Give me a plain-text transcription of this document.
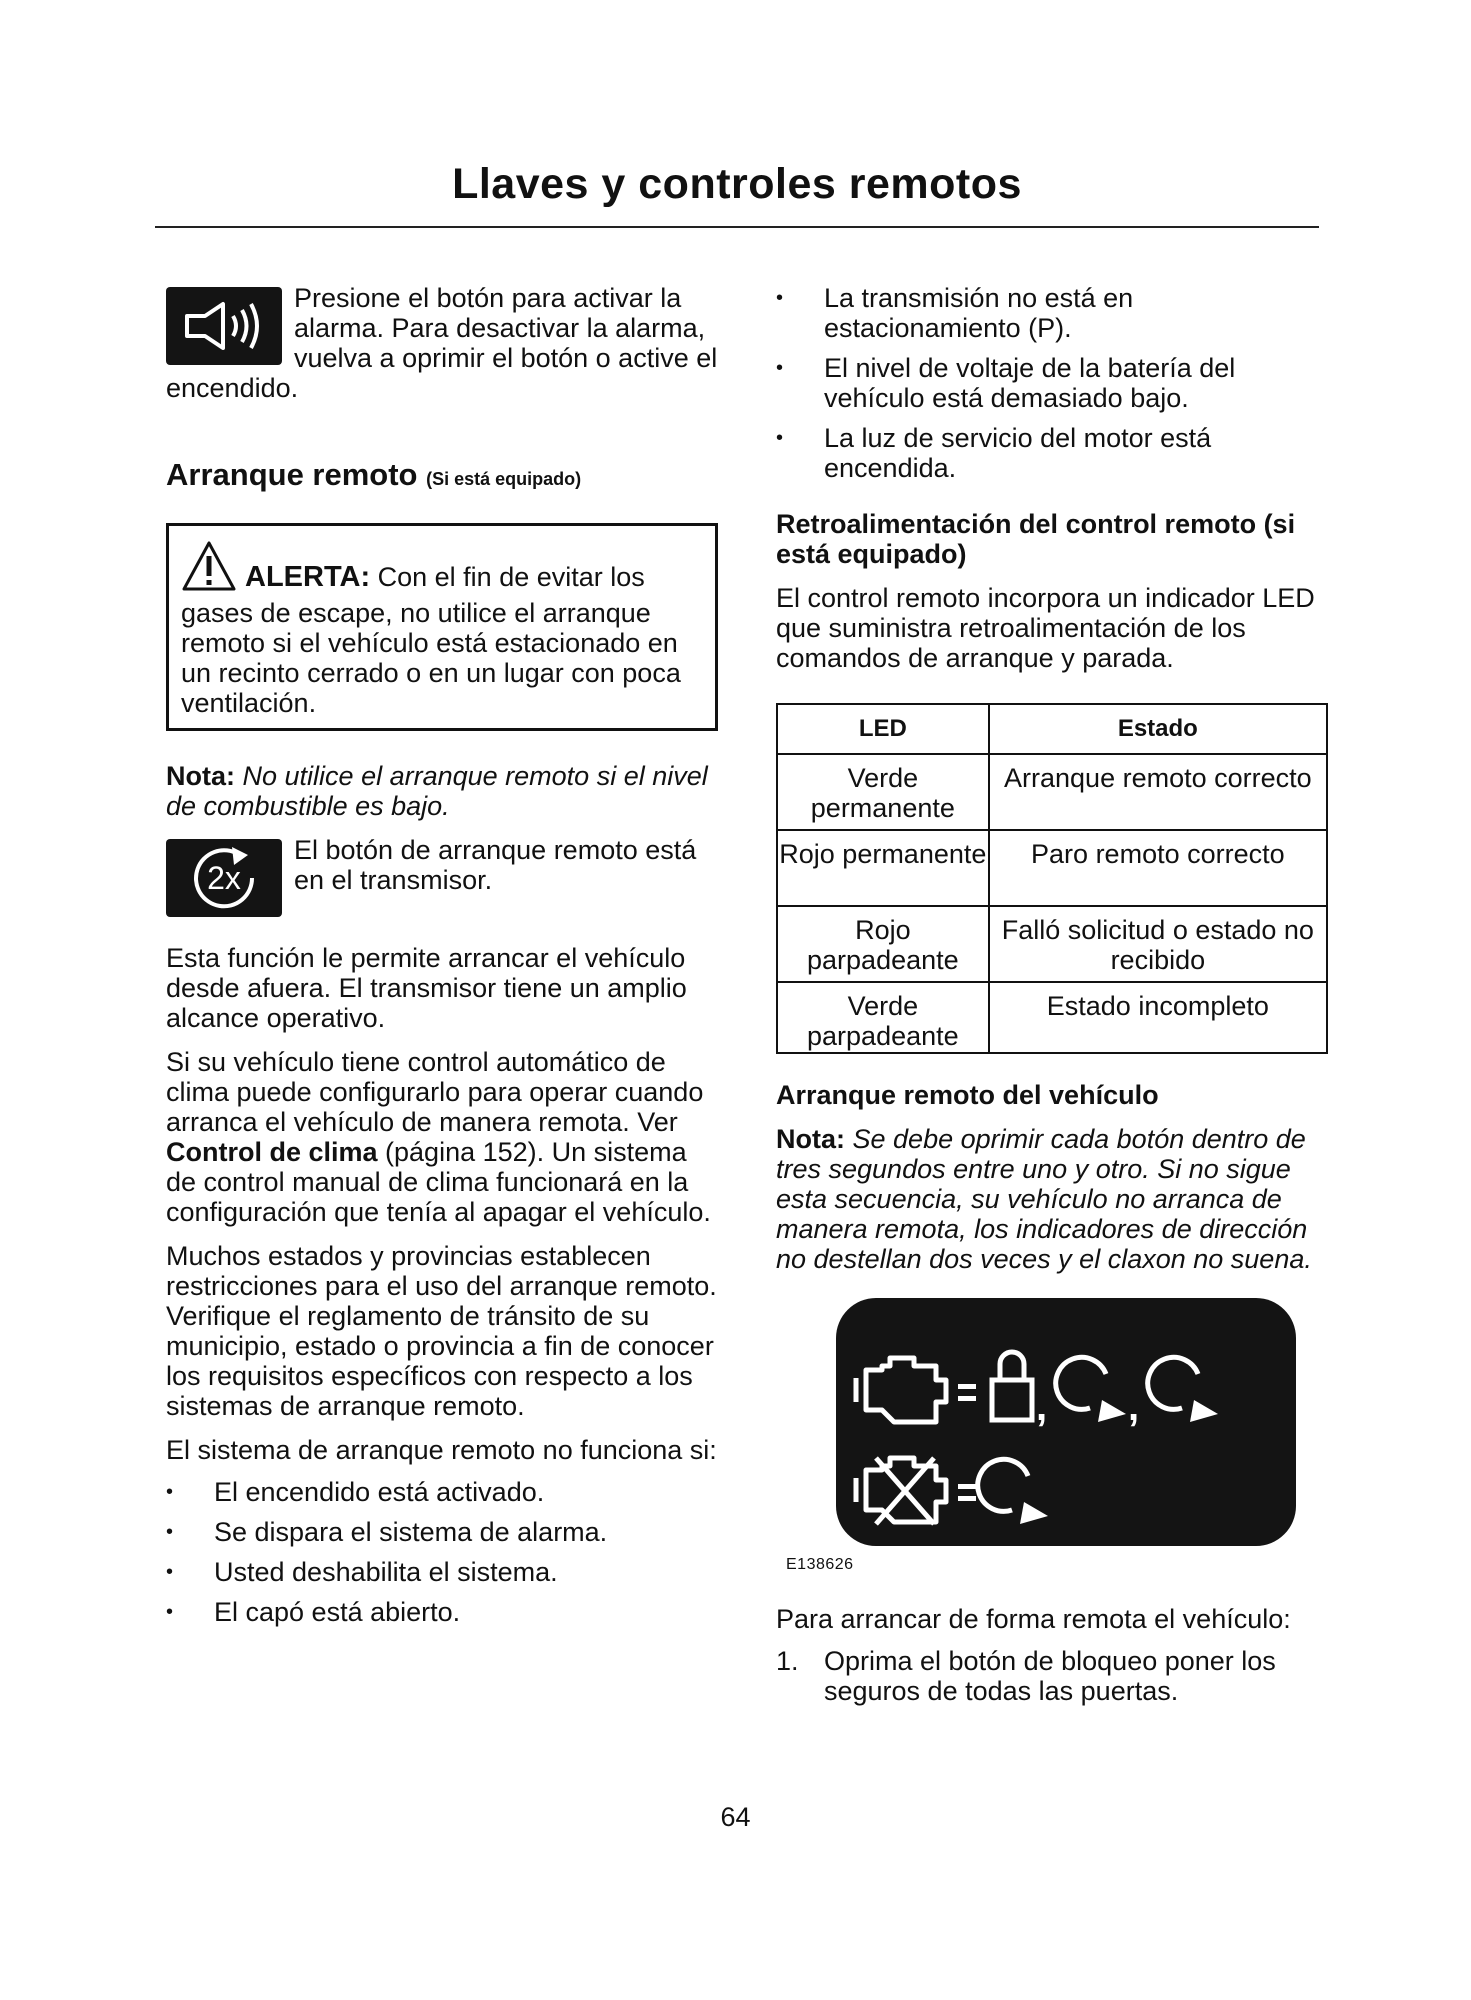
Llaves y controles remotos

Presione el botón para activar la alarma. Para desactivar la alarma, vuelva a oprimir el botón o active el encendido.

Arranque remoto (Si está equipado)

ALERTA: Con el fin de evitar los gases de escape, no utilice el arranque remoto si el vehículo está estacionado en un recinto cerrado o en un lugar con poca ventilación.

Nota: No utilice el arranque remoto si el nivel de combustible es bajo.

2x

El botón de arranque remoto está en el transmisor.

Esta función le permite arrancar el vehículo desde afuera. El transmisor tiene un amplio alcance operativo.

Si su vehículo tiene control automático de clima puede configurarlo para operar cuando arranca el vehículo de manera remota. Ver Control de clima (página 152). Un sistema de control manual de clima funcionará en la configuración que tenía al apagar el vehículo.

Muchos estados y provincias establecen restricciones para el uso del arranque remoto. Verifique el reglamento de tránsito de su municipio, estado o provincia a fin de conocer los requisitos específicos con respecto a los sistemas de arranque remoto.

El sistema de arranque remoto no funciona si:

• El encendido está activado.
• Se dispara el sistema de alarma.
• Usted deshabilita el sistema.
• El capó está abierto.
• La transmisión no está en estacionamiento (P).
• El nivel de voltaje de la batería del vehículo está demasiado bajo.
• La luz de servicio del motor está encendida.
Retroalimentación del control remoto (si está equipado)

El control remoto incorpora un indicador LED que suministra retroalimentación de los comandos de arranque y parada.

LED	Estado
Verde permanente	Arranque remoto correcto
Rojo permanente	Paro remoto correcto
Rojo parpadeante	Falló solicitud o estado no recibido
Verde parpadeante	Estado incompleto
Arranque remoto del vehículo

Nota: Se debe oprimir cada botón dentro de tres segundos entre uno y otro. Si no sigue esta secuencia, su vehículo no arranca de manera remota, los indicadores de dirección no destellan dos veces y el claxon no suena.

, ,
E138626

Para arrancar de forma remota el vehículo:

1. Oprima el botón de bloqueo poner los seguros de todas las puertas.
64
